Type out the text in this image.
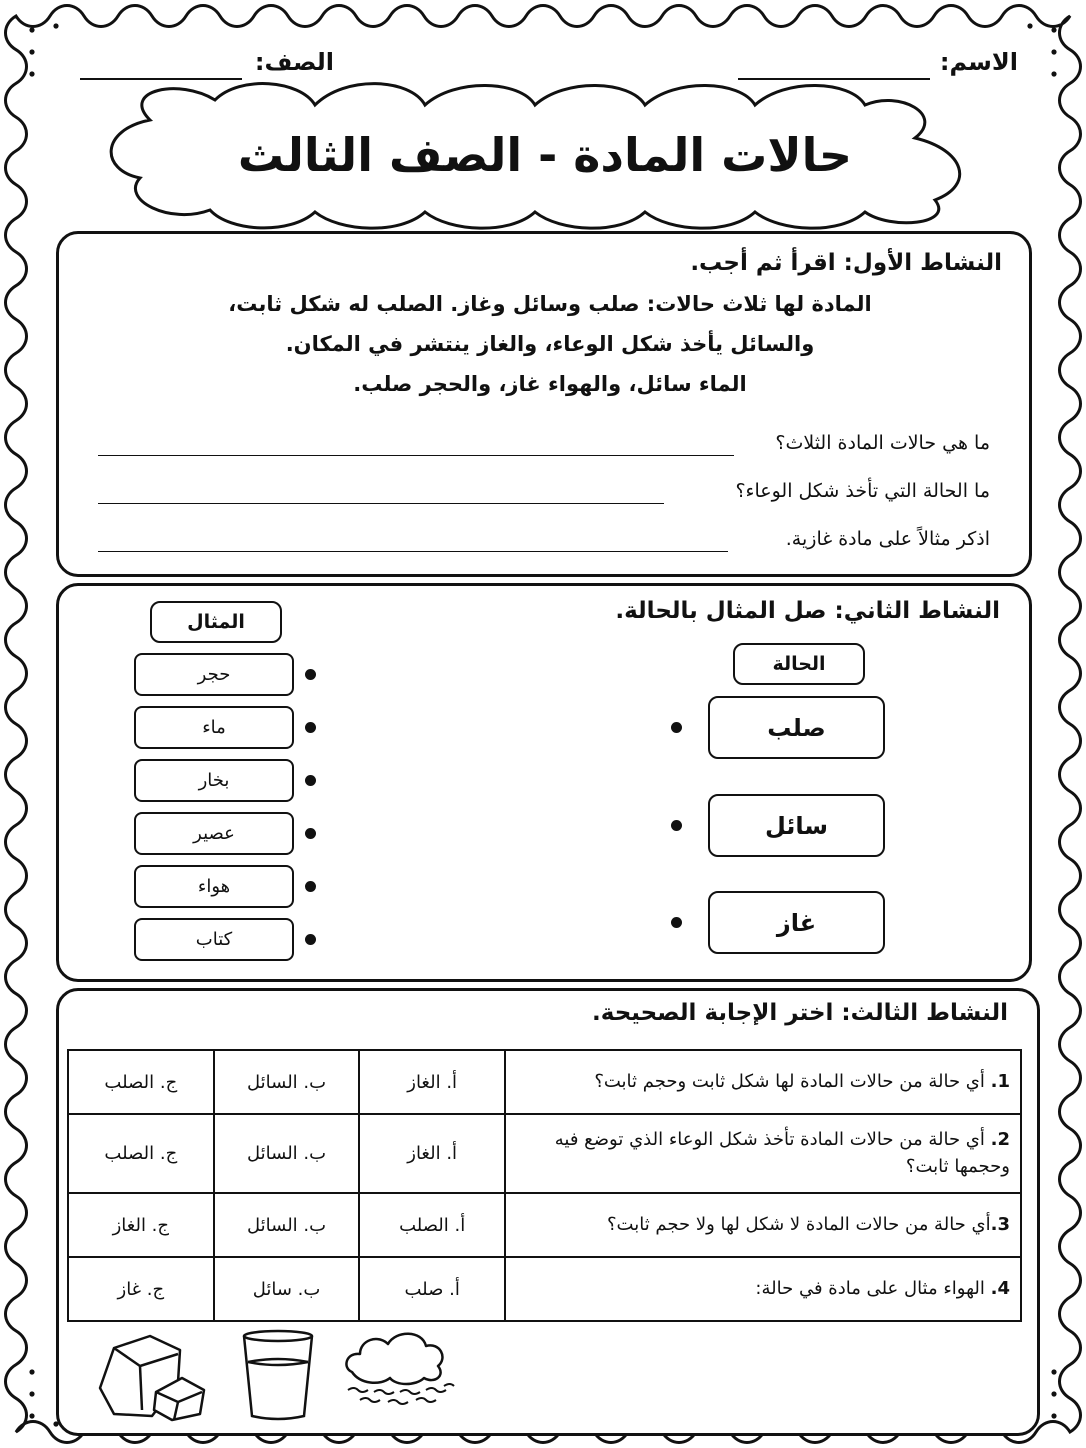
الاسم:
الصف:
حالات المادة - الصف الثالث
النشاط الأول: اقرأ ثم أجب.
المادة لها ثلاث حالات: صلب وسائل وغاز. الصلب له شكل ثابت،
والسائل يأخذ شكل الوعاء، والغاز ينتشر في المكان.
الماء سائل، والهواء غاز، والحجر صلب.
ما هي حالات المادة الثلاث؟
ما الحالة التي تأخذ شكل الوعاء؟
اذكر مثالاً على مادة غازية.
النشاط الثاني: صل المثال بالحالة.
المثال
الحالة
حجر
ماء
بخار
عصير
هواء
كتاب
صلب
سائل
غاز
النشاط الثالث: اختر الإجابة الصحيحة.
1. أي حالة من حالات المادة لها شكل ثابت وحجم ثابت؟	أ. الغاز	ب. السائل	ج. الصلب
2. أي حالة من حالات المادة تأخذ شكل الوعاء الذي توضع فيه وحجمها ثابت؟	أ. الغاز	ب. السائل	ج. الصلب
3.أي حالة من حالات المادة لا شكل لها ولا حجم ثابت؟	أ. الصلب	ب. السائل	ج. الغاز
4. الهواء مثال على مادة في حالة:	أ. صلب	ب. سائل	ج. غاز
